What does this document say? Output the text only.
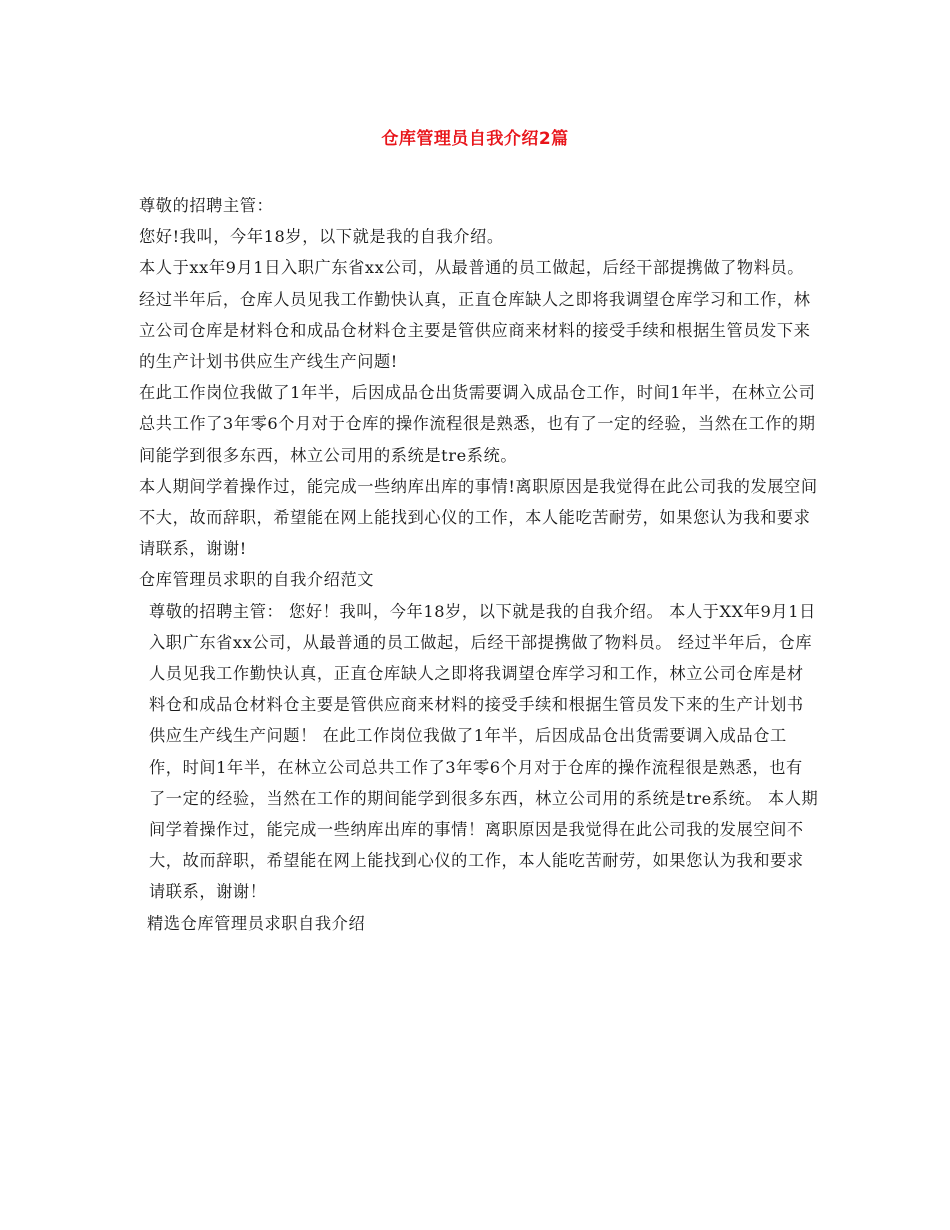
仓库管理员自我介绍2篇

尊敬的招聘主管：

您好!我叫，今年18岁，以下就是我的自我介绍。

本人于xx年9月1日入职广东省xx公司，从最普通的员工做起，后经干部提携做了物料员。

经过半年后，仓库人员见我工作勤快认真，正直仓库缺人之即将我调望仓库学习和工作，林立公司仓库是材料仓和成品仓材料仓主要是管供应商来材料的接受手续和根据生管员发下来的生产计划书供应生产线生产问题!

在此工作岗位我做了1年半，后因成品仓出货需要调入成品仓工作，时间1年半，在林立公司总共工作了3年零6个月对于仓库的操作流程很是熟悉，也有了一定的经验，当然在工作的期间能学到很多东西，林立公司用的系统是tre系统。

本人期间学着操作过，能完成一些纳库出库的事情!离职原因是我觉得在此公司我的发展空间不大，故而辞职，希望能在网上能找到心仪的工作，本人能吃苦耐劳，如果您认为我和要求请联系，谢谢!

仓库管理员求职的自我介绍范文

尊敬的招聘主管： 您好！我叫，今年18岁，以下就是我的自我介绍。 本人于XX年9月1日入职广东省xx公司，从最普通的员工做起，后经干部提携做了物料员。 经过半年后，仓库人员见我工作勤快认真，正直仓库缺人之即将我调望仓库学习和工作，林立公司仓库是材料仓和成品仓材料仓主要是管供应商来材料的接受手续和根据生管员发下来的生产计划书供应生产线生产问题！ 在此工作岗位我做了1年半，后因成品仓出货需要调入成品仓工作，时间1年半，在林立公司总共工作了3年零6个月对于仓库的操作流程很是熟悉，也有了一定的经验，当然在工作的期间能学到很多东西，林立公司用的系统是tre系统。 本人期间学着操作过，能完成一些纳库出库的事情！离职原因是我觉得在此公司我的发展空间不大，故而辞职，希望能在网上能找到心仪的工作，本人能吃苦耐劳，如果您认为我和要求请联系，谢谢！

精选仓库管理员求职自我介绍
